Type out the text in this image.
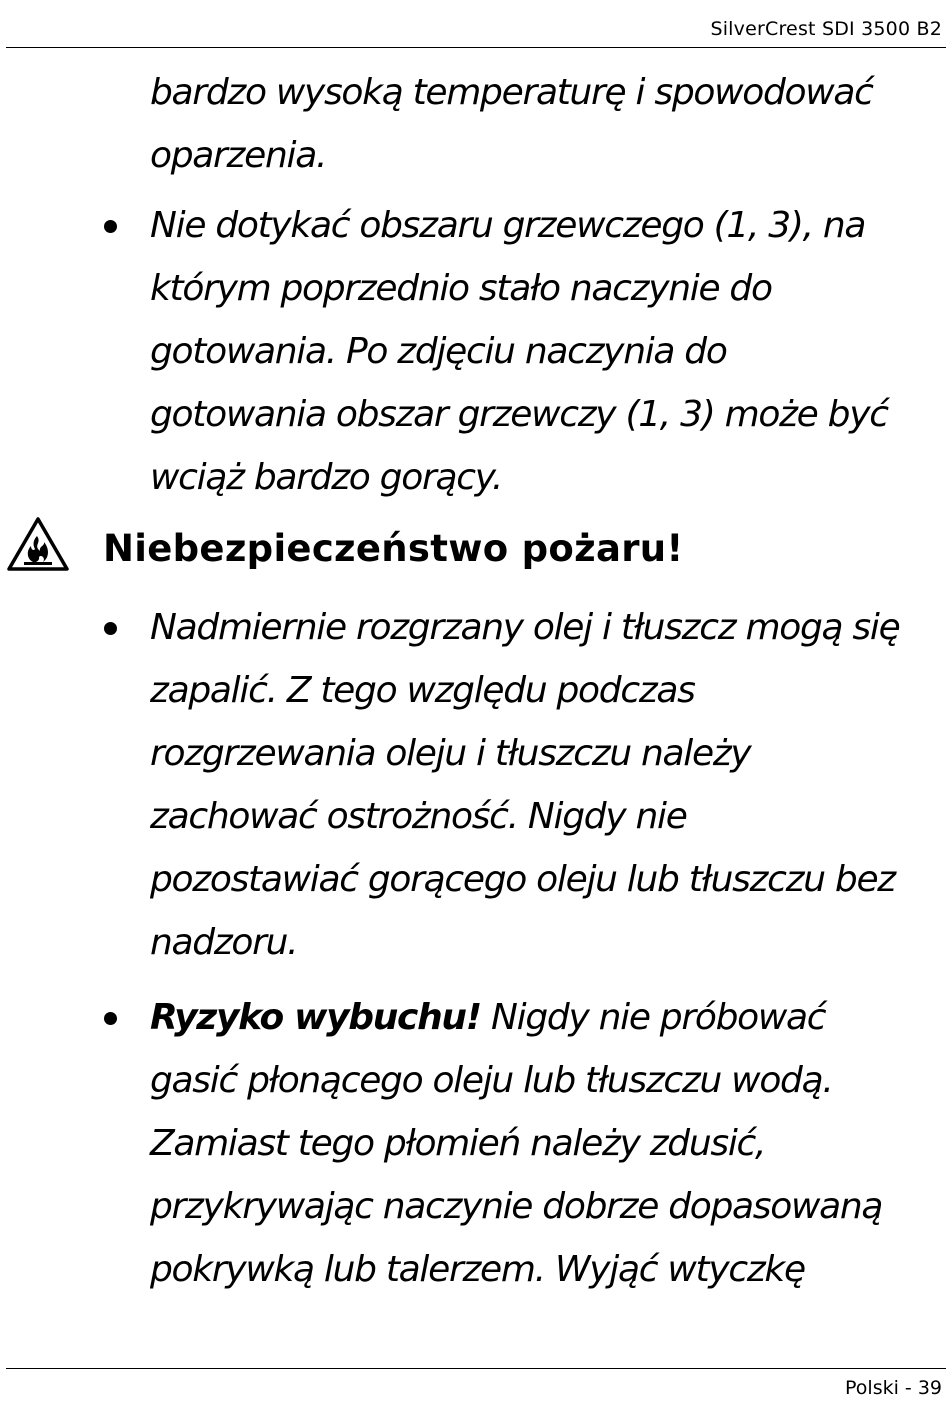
SilverCrest SDI 3500 B2
bardzo wysoką temperaturę i spowodować
oparzenia.
Nie dotykać obszaru grzewczego (1, 3), na
którym poprzednio stało naczynie do
gotowania. Po zdjęciu naczynia do
gotowania obszar grzewczy (1, 3) może być
wciąż bardzo gorący.
Niebezpieczeństwo pożaru!
Nadmiernie rozgrzany olej i tłuszcz mogą się
zapalić. Z tego względu podczas
rozgrzewania oleju i tłuszczu należy
zachować ostrożność. Nigdy nie
pozostawiać gorącego oleju lub tłuszczu bez
nadzoru.
Ryzyko wybuchu! Nigdy nie próbować
gasić płonącego oleju lub tłuszczu wodą.
Zamiast tego płomień należy zdusić,
przykrywając naczynie dobrze dopasowaną
pokrywką lub talerzem. Wyjąć wtyczkę
Polski - 39
